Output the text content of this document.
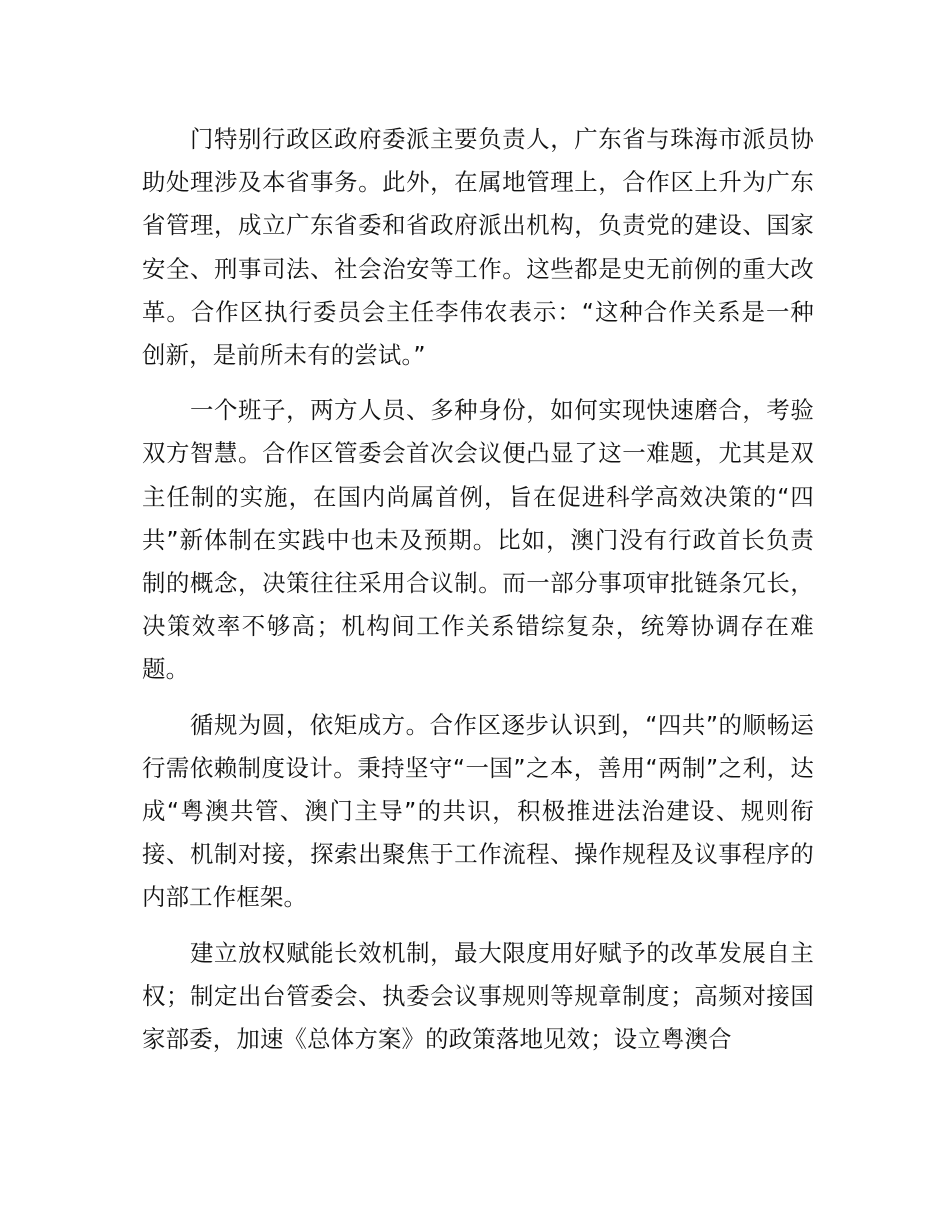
门特别行政区政府委派主要负责人，广东省与珠海市派员协助处理涉及本省事务。此外，在属地管理上，合作区上升为广东省管理，成立广东省委和省政府派出机构，负责党的建设、国家安全、刑事司法、社会治安等工作。这些都是史无前例的重大改革。合作区执行委员会主任李伟农表示：“这种合作关系是一种创新，是前所未有的尝试。”

一个班子，两方人员、多种身份，如何实现快速磨合，考验双方智慧。合作区管委会首次会议便凸显了这一难题，尤其是双主任制的实施，在国内尚属首例，旨在促进科学高效决策的“四共”新体制在实践中也未及预期。比如，澳门没有行政首长负责制的概念，决策往往采用合议制。而一部分事项审批链条冗长，决策效率不够高；机构间工作关系错综复杂，统筹协调存在难题。

循规为圆，依矩成方。合作区逐步认识到，“四共”的顺畅运行需依赖制度设计。秉持坚守“一国”之本，善用“两制”之利，达成“粤澳共管、澳门主导”的共识，积极推进法治建设、规则衔接、机制对接，探索出聚焦于工作流程、操作规程及议事程序的内部工作框架。

建立放权赋能长效机制，最大限度用好赋予的改革发展自主权；制定出台管委会、执委会议事规则等规章制度；高频对接国家部委，加速《总体方案》的政策落地见效；设立粤澳合
